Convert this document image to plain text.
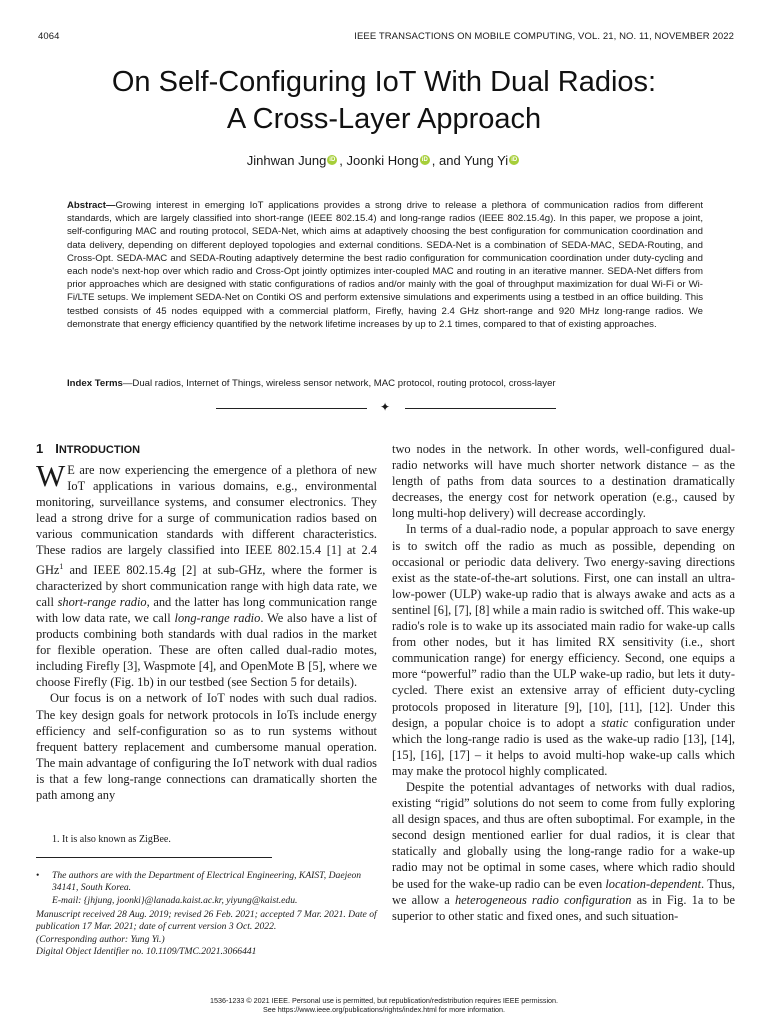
4064	IEEE TRANSACTIONS ON MOBILE COMPUTING, VOL. 21, NO. 11, NOVEMBER 2022
On Self-Configuring IoT With Dual Radios:
A Cross-Layer Approach
Jinhwan Jung iD , Joonki Hong iD , and Yung Yi iD
Abstract—Growing interest in emerging IoT applications provides a strong drive to release a plethora of communication radios from different standards, which are largely classified into short-range (IEEE 802.15.4) and long-range radios (IEEE 802.15.4g). In this paper, we propose a joint, self-configuring MAC and routing protocol, SEDA-Net, which aims at adaptively choosing the best configuration for communication coordination and data delivery, depending on different deployed topologies and external conditions. SEDA-Net is a combination of SEDA-MAC, SEDA-Routing, and Cross-Opt. SEDA-MAC and SEDA-Routing adaptively determine the best radio configuration for communication coordination under duty-cycling and each node's next-hop over which radio and Cross-Opt jointly optimizes inter-coupled MAC and routing in an iterative manner. SEDA-Net differs from prior approaches which are designed with static configurations of radios and/or mainly with the goal of throughput maximization for dual Wi-Fi or Wi-Fi/LTE setups. We implement SEDA-Net on Contiki OS and perform extensive simulations and experiments using a testbed in an office building. This testbed consists of 45 nodes equipped with a commercial platform, Firefly, having 2.4 GHz short-range and 920 MHz long-range radios. We demonstrate that energy efficiency quantified by the network lifetime increases by up to 2.1 times, compared to that of existing approaches.
Index Terms—Dual radios, Internet of Things, wireless sensor network, MAC protocol, routing protocol, cross-layer
✦
1 INTRODUCTION

W E are now experiencing the emergence of a plethora of new IoT applications in various domains, e.g., environmental monitoring, surveillance systems, and consumer electronics. They lead a strong drive for a surge of communication radios based on various communication standards with different characteristics. These radios are largely classified into IEEE 802.15.4 [1] at 2.4 GHz$^1$ and IEEE 802.15.4g [2] at sub-GHz, where the former is characterized by short communication range with high data rate, we call short-range radio, and the latter has long communication range with low data rate, we call long-range radio. We also have a list of products combining both standards with dual radios in the market for flexible operation. These are often called dual-radio motes, including Firefly [3], Waspmote [4], and OpenMote B [5], where we choose Firefly (Fig. 1b) in our testbed (see Section 5 for details).

Our focus is on a network of IoT nodes with such dual radios. The key design goals for network protocols in IoTs include energy efficiency and self-configuration so as to run systems without frequent battery replacement and cumbersome manual operation. The main advantage of configuring the IoT network with dual radios is that a few long-range connections can dramatically shorten the path among any

1. It is also known as ZigBee.
• The authors are with the Department of Electrical Engineering, KAIST, Daejeon 34141, South Korea.
E-mail: {jhjung, joonki}@lanada.kaist.ac.kr, yiyung@kaist.edu.
Manuscript received 28 Aug. 2019; revised 26 Feb. 2021; accepted 7 Mar. 2021. Date of publication 17 Mar. 2021; date of current version 3 Oct. 2022.
(Corresponding author: Yung Yi.)
Digital Object Identifier no. 10.1109/TMC.2021.3066441

two nodes in the network. In other words, well-configured dual-radio networks will have much shorter network distance – as the length of paths from data sources to a destination dramatically decreases, the energy cost for network operation (e.g., caused by long multi-hop delivery) will decrease accordingly.

In terms of a dual-radio node, a popular approach to save energy is to switch off the radio as much as possible, depending on occasional or periodic data delivery. Two energy-saving directions exist as the state-of-the-art solutions. First, one can install an ultra-low-power (ULP) wake-up radio that is always awake and acts as a sentinel [6], [7], [8] while a main radio is switched off. This wake-up radio's role is to wake up its associated main radio for wake-up calls from other nodes, but it has limited RX sensitivity (i.e., short communication range) for energy efficiency. Second, one equips a more “powerful” radio than the ULP wake-up radio, but lets it duty-cycled. There exist an extensive array of efficient duty-cycling protocols proposed in literature [9], [10], [11], [12]. Under this design, a popular choice is to adopt a static configuration under which the long-range radio is used as the wake-up radio [13], [14], [15], [16], [17] – it helps to avoid multi-hop wake-up calls which may make the protocol highly complicated.

Despite the potential advantages of networks with dual radios, existing “rigid” solutions do not seem to come from fully exploring all design spaces, and thus are often suboptimal. For example, in the second design mentioned earlier for dual radios, it is clear that statically and globally using the long-range radio for a wake-up radio may not be optimal in some cases, where which radio should be used for the wake-up radio can be even location-dependent. Thus, we allow a heterogeneous radio configuration as in Fig. 1a to be superior to other static and fixed ones, and such situation-

1536-1233 © 2021 IEEE. Personal use is permitted, but republication/redistribution requires IEEE permission.
See https://www.ieee.org/publications/rights/index.html for more information.
